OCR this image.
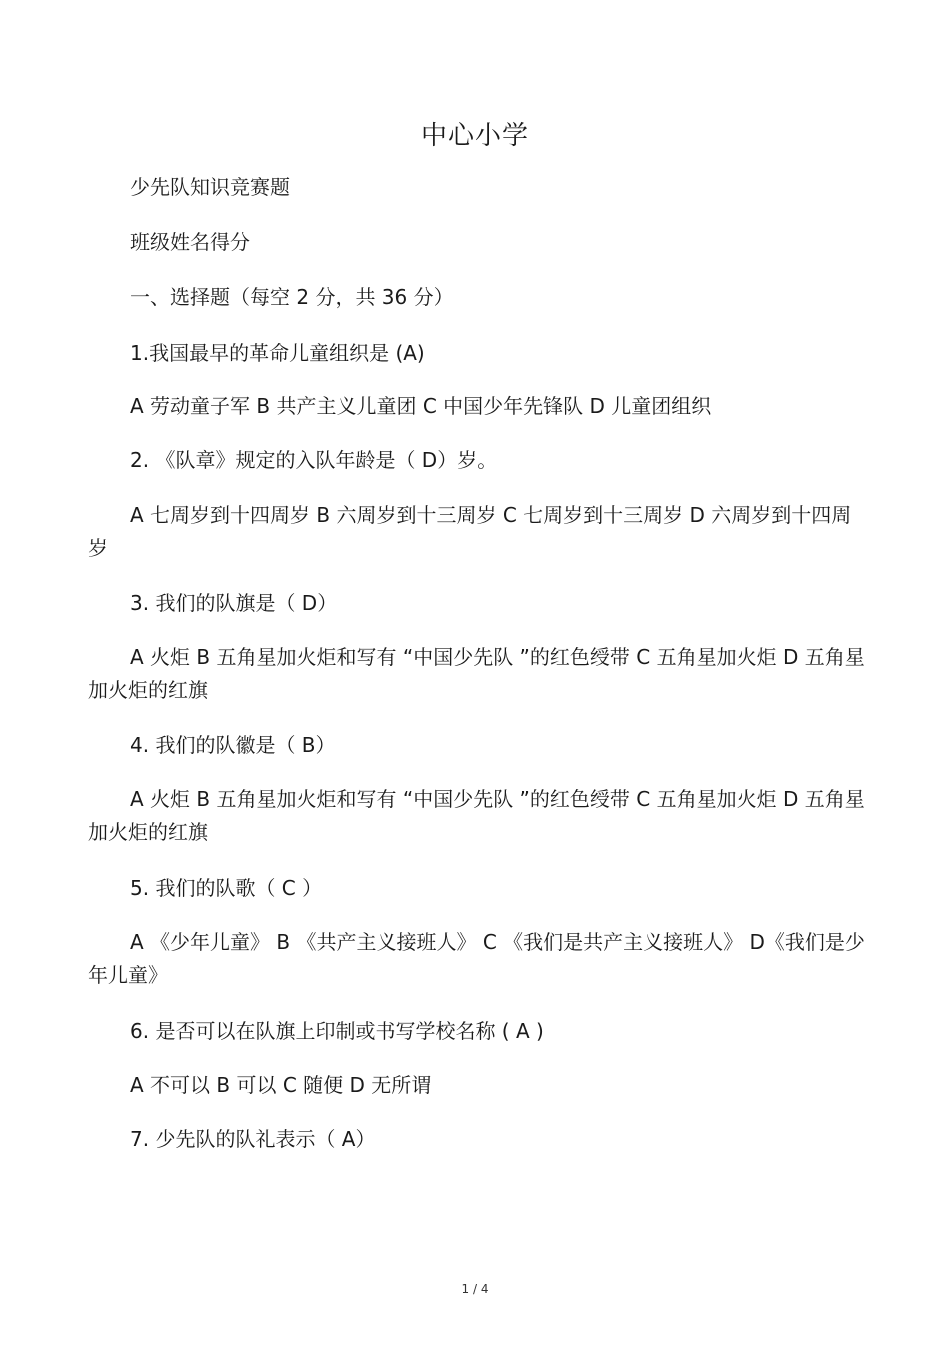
中心小学
少先队知识竞赛题
班级姓名得分
一、选择题（每空 2 分，共 36 分）
1.我国最早的革命儿童组织是 (A)
A 劳动童子军 B 共产主义儿童团 C 中国少年先锋队 D 儿童团组织
2. 《队章》规定的入队年龄是（ D）岁。
A 七周岁到十四周岁 B 六周岁到十三周岁 C 七周岁到十三周岁 D 六周岁到十四周岁
3. 我们的队旗是（ D）
A 火炬 B 五角星加火炬和写有 “中国少先队 ”的红色绶带 C 五角星加火炬 D 五角星加火炬的红旗
4. 我们的队徽是（ B）
A 火炬 B 五角星加火炬和写有 “中国少先队 ”的红色绶带 C 五角星加火炬 D 五角星加火炬的红旗
5. 我们的队歌（ C ）
A 《少年儿童》 B 《共产主义接班人》 C 《我们是共产主义接班人》 D《我们是少年儿童》
6. 是否可以在队旗上印制或书写学校名称 ( A )
A 不可以 B 可以 C 随便 D 无所谓
7. 少先队的队礼表示（ A）
1 / 4
